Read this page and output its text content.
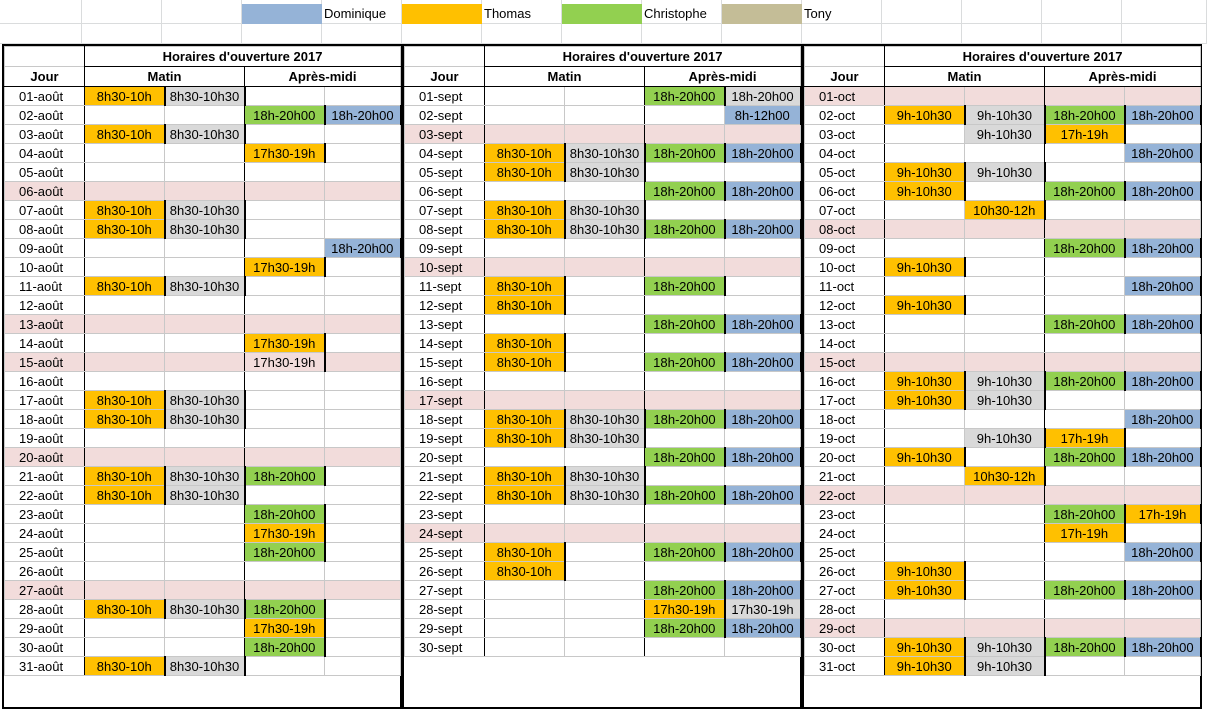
Dominique	Thomas	Christophe	Tony
	Horaires d'ouverture 2017			
Jour	Matin		Après-midi	
01-août	8h30-10h	8h30-10h30		
02-août			18h-20h00	18h-20h00
03-août	8h30-10h	8h30-10h30		
04-août			17h30-19h	
05-août				
06-août				
07-août	8h30-10h	8h30-10h30		
08-août	8h30-10h	8h30-10h30		
09-août				18h-20h00
10-août			17h30-19h	
11-août	8h30-10h	8h30-10h30		
12-août				
13-août				
14-août			17h30-19h	
15-août			17h30-19h	
16-août				
17-août	8h30-10h	8h30-10h30		
18-août	8h30-10h	8h30-10h30		
19-août				
20-août				
21-août	8h30-10h	8h30-10h30	18h-20h00	
22-août	8h30-10h	8h30-10h30		
23-août			18h-20h00	
24-août			17h30-19h	
25-août			18h-20h00	
26-août				
27-août				
28-août	8h30-10h	8h30-10h30	18h-20h00	
29-août			17h30-19h	
30-août			18h-20h00	
31-août	8h30-10h	8h30-10h30		
	Horaires d'ouverture 2017			
Jour	Matin		Après-midi	
01-sept			18h-20h00	18h-20h00
02-sept				8h-12h00
03-sept				
04-sept	8h30-10h	8h30-10h30	18h-20h00	18h-20h00
05-sept	8h30-10h	8h30-10h30		
06-sept			18h-20h00	18h-20h00
07-sept	8h30-10h	8h30-10h30		
08-sept	8h30-10h	8h30-10h30	18h-20h00	18h-20h00
09-sept				
10-sept				
11-sept	8h30-10h		18h-20h00	
12-sept	8h30-10h			
13-sept			18h-20h00	18h-20h00
14-sept	8h30-10h			
15-sept	8h30-10h		18h-20h00	18h-20h00
16-sept				
17-sept				
18-sept	8h30-10h	8h30-10h30	18h-20h00	18h-20h00
19-sept	8h30-10h	8h30-10h30		
20-sept			18h-20h00	18h-20h00
21-sept	8h30-10h	8h30-10h30		
22-sept	8h30-10h	8h30-10h30	18h-20h00	18h-20h00
23-sept				
24-sept				
25-sept	8h30-10h		18h-20h00	18h-20h00
26-sept	8h30-10h			
27-sept			18h-20h00	18h-20h00
28-sept			17h30-19h	17h30-19h
29-sept			18h-20h00	18h-20h00
30-sept				
	Horaires d'ouverture 2017			
Jour	Matin		Après-midi	
01-oct				
02-oct	9h-10h30	9h-10h30	18h-20h00	18h-20h00
03-oct		9h-10h30	17h-19h	
04-oct				18h-20h00
05-oct	9h-10h30	9h-10h30		
06-oct	9h-10h30		18h-20h00	18h-20h00
07-oct		10h30-12h		
08-oct				
09-oct			18h-20h00	18h-20h00
10-oct	9h-10h30			
11-oct				18h-20h00
12-oct	9h-10h30			
13-oct			18h-20h00	18h-20h00
14-oct				
15-oct				
16-oct	9h-10h30	9h-10h30	18h-20h00	18h-20h00
17-oct	9h-10h30	9h-10h30		
18-oct				18h-20h00
19-oct		9h-10h30	17h-19h	
20-oct	9h-10h30		18h-20h00	18h-20h00
21-oct		10h30-12h		
22-oct				
23-oct			18h-20h00	17h-19h
24-oct			17h-19h	
25-oct				18h-20h00
26-oct	9h-10h30			
27-oct	9h-10h30		18h-20h00	18h-20h00
28-oct				
29-oct				
30-oct	9h-10h30	9h-10h30	18h-20h00	18h-20h00
31-oct	9h-10h30	9h-10h30		
